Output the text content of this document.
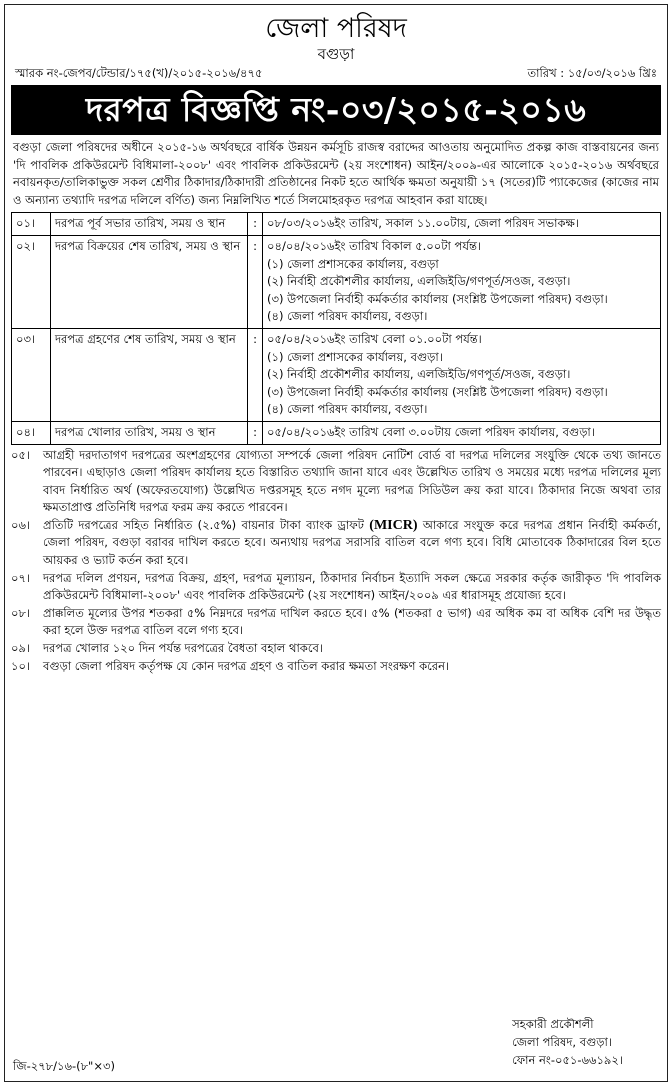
জেলা পরিষদ
বগুড়া
স্মারক নং-জেপব/টেন্ডার/১৭৫(খ)/২০১৫-২০১৬/৪৭৫	তারিখ : ১৫/০৩/২০১৬ খ্রিঃ
দরপত্র বিজ্ঞপ্তি নং-০৩/২০১৫-২০১৬
বগুড়া জেলা পরিষদের অধীনে ২০১৫-১৬ অর্থবছরে বার্ষিক উন্নয়ন কর্মসূচি রাজস্ব বরাদ্দের আওতায় অনুমোদিত প্রকল্প কাজ বাস্তবায়নের জন্য 'দি পাবলিক প্রকিউরমেন্ট বিধিমালা-২০০৮' এবং পাবলিক প্রকিউরমেন্ট (২য় সংশোধন) আইন/২০০৯-এর আলোকে ২০১৫-২০১৬ অর্থবছরে নবায়নকৃত/তালিকাভুক্ত সকল শ্রেণীর ঠিকাদার/ঠিকাদারী প্রতিষ্ঠানের নিকট হতে আর্থিক ক্ষমতা অনুযায়ী ১৭ (সতের)টি প্যাকেজের (কাজের নাম ও অন্যান্য তথ্যাদি দরপত্র দলিলে বর্ণিত) জন্য নিম্নলিখিত শর্তে সিলমোহরকৃত দরপত্র আহবান করা যাচ্ছে।
০১।	দরপত্র পূর্ব সভার তারিখ, সময় ও স্থান	:	০৮/০৩/২০১৬ইং তারিখ, সকাল ১১.০০টায়, জেলা পরিষদ সভাকক্ষ।

০২।	দরপত্র বিক্রয়ের শেষ তারিখ, সময় ও স্থান	:	০৪/০৪/২০১৬ইং তারিখ বিকাল ৫.০০টা পর্যন্ত।
(১) জেলা প্রশাসকের কার্যালয়, বগুড়া
(২) নির্বাহী প্রকৌশলীর কার্যালয়, এলজিইডি/গণপূর্ত/সওজ, বগুড়া।
(৩) উপজেলা নির্বাহী কর্মকর্তার কার্যালয় (সংশ্লিষ্ট উপজেলা পরিষদ) বগুড়া।
(৪) জেলা পরিষদ কার্যালয়, বগুড়া।

০৩।	দরপত্র গ্রহণের শেষ তারিখ, সময় ও স্থান	:	০৫/০৪/২০১৬ইং তারিখ বেলা ০১.০০টা পর্যন্ত।
(১) জেলা প্রশাসকের কার্যালয়, বগুড়া।
(২) নির্বাহী প্রকৌশলীর কার্যালয়, এলজিইডি/গণপূর্ত/সওজ, বগুড়া।
(৩) উপজেলা নির্বাহী কর্মকর্তার কার্যালয় (সংশ্লিষ্ট উপজেলা পরিষদ) বগুড়া।
(৪) জেলা পরিষদ কার্যালয়, বগুড়া।

০৪।	দরপত্র খোলার তারিখ, সময় ও স্থান	:	০৫/০৪/২০১৬ইং তারিখ বেলা ৩.০০টায় জেলা পরিষদ কার্যালয়, বগুড়া।
০৫।	আগ্রহী দরদাতাগণ দরপত্রের অংশগ্রহণের যোগ্যতা সম্পর্কে জেলা পরিষদ নোটিশ বোর্ড বা দরপত্র দলিলের সংযুক্তি থেকে তথ্য জানতে পারবেন। এছাড়াও জেলা পরিষদ কার্যালয় হতে বিস্তারিত তথ্যাদি জানা যাবে এবং উল্লেখিত তারিখ ও সময়ের মধ্যে দরপত্র দলিলের মূল্য বাবদ নির্ধারিত অর্থ (অফেরতযোগ্য) উল্লেখিত দপ্তরসমূহ হতে নগদ মূল্যে দরপত্র সিডিউল ক্রয় করা যাবে। ঠিকাদার নিজে অথবা তার ক্ষমতাপ্রাপ্ত প্রতিনিধি দরপত্র ফরম ক্রয় করতে পারবেন।
০৬।	প্রতিটি দরপত্রের সহিত নির্ধারিত (২.৫%) বায়নার টাকা ব্যাংক ড্রাফট (MICR) আকারে সংযুক্ত করে দরপত্র প্রধান নির্বাহী কর্মকর্তা, জেলা পরিষদ, বগুড়া বরাবর দাখিল করতে হবে। অন্যথায় দরপত্র সরাসরি বাতিল বলে গণ্য হবে। বিধি মোতাবেক ঠিকাদারের বিল হতে আয়কর ও ভ্যাট কর্তন করা হবে।
০৭।	দরপত্র দলিল প্রণয়ন, দরপত্র বিক্রয়, গ্রহণ, দরপত্র মূল্যায়ন, ঠিকাদার নির্বাচন ইত্যাদি সকল ক্ষেত্রে সরকার কর্তৃক জারীকৃত 'দি পাবলিক প্রকিউরমেন্ট বিধিমালা-২০০৮' এবং পাবলিক প্রকিউরমেন্ট (২য় সংশোধন) আইন/২০০৯ এর ধারাসমূহ প্রযোজ্য হবে।
০৮।	প্রাক্কলিত মূল্যের উপর শতকরা ৫% নিম্নদরে দরপত্র দাখিল করতে হবে। ৫% (শতকরা ৫ ভাগ) এর অধিক কম বা অধিক বেশি দর উদ্ধৃত করা হলে উক্ত দরপত্র বাতিল বলে গণ্য হবে।
০৯।	দরপত্র খোলার ১২০ দিন পর্যন্ত দরপত্রের বৈধতা বহাল থাকবে।
১০।	বগুড়া জেলা পরিষদ কর্তৃপক্ষ যে কোন দরপত্র গ্রহণ ও বাতিল করার ক্ষমতা সংরক্ষণ করেন।
সহকারী প্রকৌশলী
জেলা পরিষদ, বগুড়া।
ফোন নং-০৫১-৬৬১৯২।
জি-২৭৮/১৬-(৮"×৩)
